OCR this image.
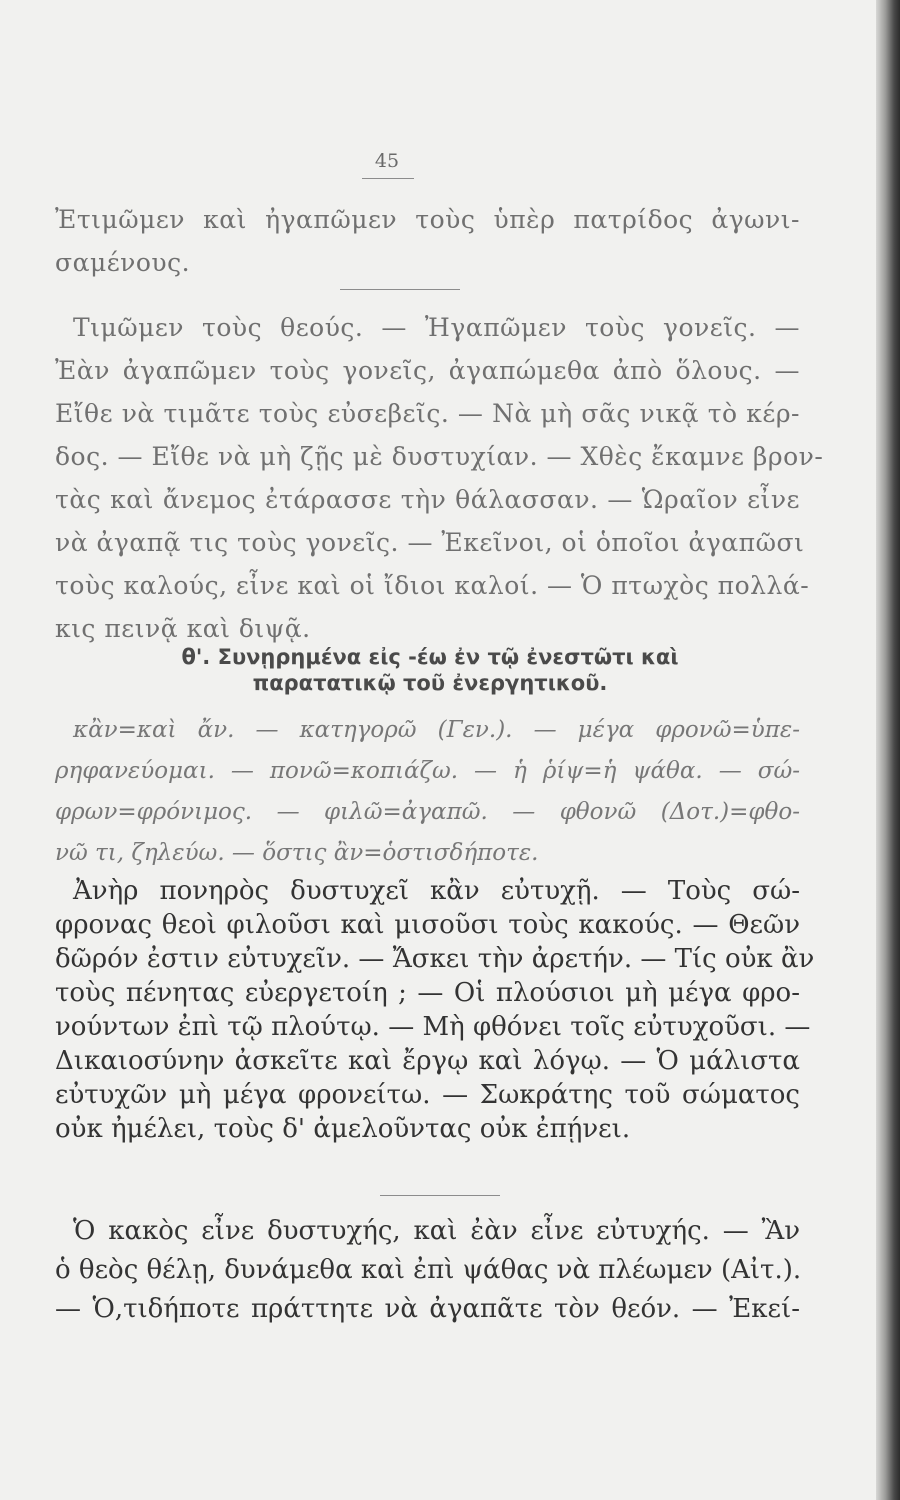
45
Ἐτιμῶμεν καὶ ἠγαπῶμεν τοὺς ὑπὲρ πατρίδος ἀγωνι-
σαμένους.
Τιμῶμεν τοὺς θεούς. — Ἠγαπῶμεν τοὺς γονεῖς. —
Ἐὰν ἀγαπῶμεν τοὺς γονεῖς, ἀγαπώμεθα ἀπὸ ὅλους. —
Εἴθε νὰ τιμᾶτε τοὺς εὐσεβεῖς. — Νὰ μὴ σᾶς νικᾷ τὸ κέρ-
δος. — Εἴθε νὰ μὴ ζῇς μὲ δυστυχίαν. — Χθὲς ἔκαμνε βρον-
τὰς καὶ ἄνεμος ἐτάρασσε τὴν θάλασσαν. — Ὡραῖον εἶνε
νὰ ἀγαπᾷ τις τοὺς γονεῖς. — Ἐκεῖνοι, οἱ ὁποῖοι ἀγαπῶσι
τοὺς καλούς, εἶνε καὶ οἱ ἴδιοι καλοί. — Ὁ πτωχὸς πολλά-
κις πεινᾷ καὶ διψᾷ.
θ'. Συνῃρημένα εἰς -έω ἐν τῷ ἐνεστῶτι καὶ
παρατατικῷ τοῦ ἐνεργητικοῦ.
κἂν=καὶ ἄν. — κατηγορῶ (Γεν.). — μέγα φρονῶ=ὑπε-
ρηφανεύομαι. — πονῶ=κοπιάζω. — ἡ ῥίψ=ἡ ψάθα. — σώ-
φρων=φρόνιμος. — φιλῶ=ἀγαπῶ. — φθονῶ (Δοτ.)=φθο-
νῶ τι, ζηλεύω. — ὅστις ἂν=ὁστισδήποτε.
Ἀνὴρ πονηρὸς δυστυχεῖ κἂν εὐτυχῇ. — Τοὺς σώ-
φρονας θεοὶ φιλοῦσι καὶ μισοῦσι τοὺς κακούς. — Θεῶν
δῶρόν ἐστιν εὐτυχεῖν. — Ἄσκει τὴν ἀρετήν. — Τίς οὐκ ἂν
τοὺς πένητας εὐεργετοίη ; — Οἱ πλούσιοι μὴ μέγα φρο-
νούντων ἐπὶ τῷ πλούτῳ. — Μὴ φθόνει τοῖς εὐτυχοῦσι. —
Δικαιοσύνην ἀσκεῖτε καὶ ἔργῳ καὶ λόγῳ. — Ὁ μάλιστα
εὐτυχῶν μὴ μέγα φρονείτω. — Σωκράτης τοῦ σώματος
οὐκ ἠμέλει, τοὺς δ' ἀμελοῦντας οὐκ ἐπῄνει.
Ὁ κακὸς εἶνε δυστυχής, καὶ ἐὰν εἶνε εὐτυχής. — Ἂν
ὁ θεὸς θέλῃ, δυνάμεθα καὶ ἐπὶ ψάθας νὰ πλέωμεν (Αἰτ.).
— Ὁ,τιδήποτε πράττητε νὰ ἀγαπᾶτε τὸν θεόν. — Ἐκεί-
